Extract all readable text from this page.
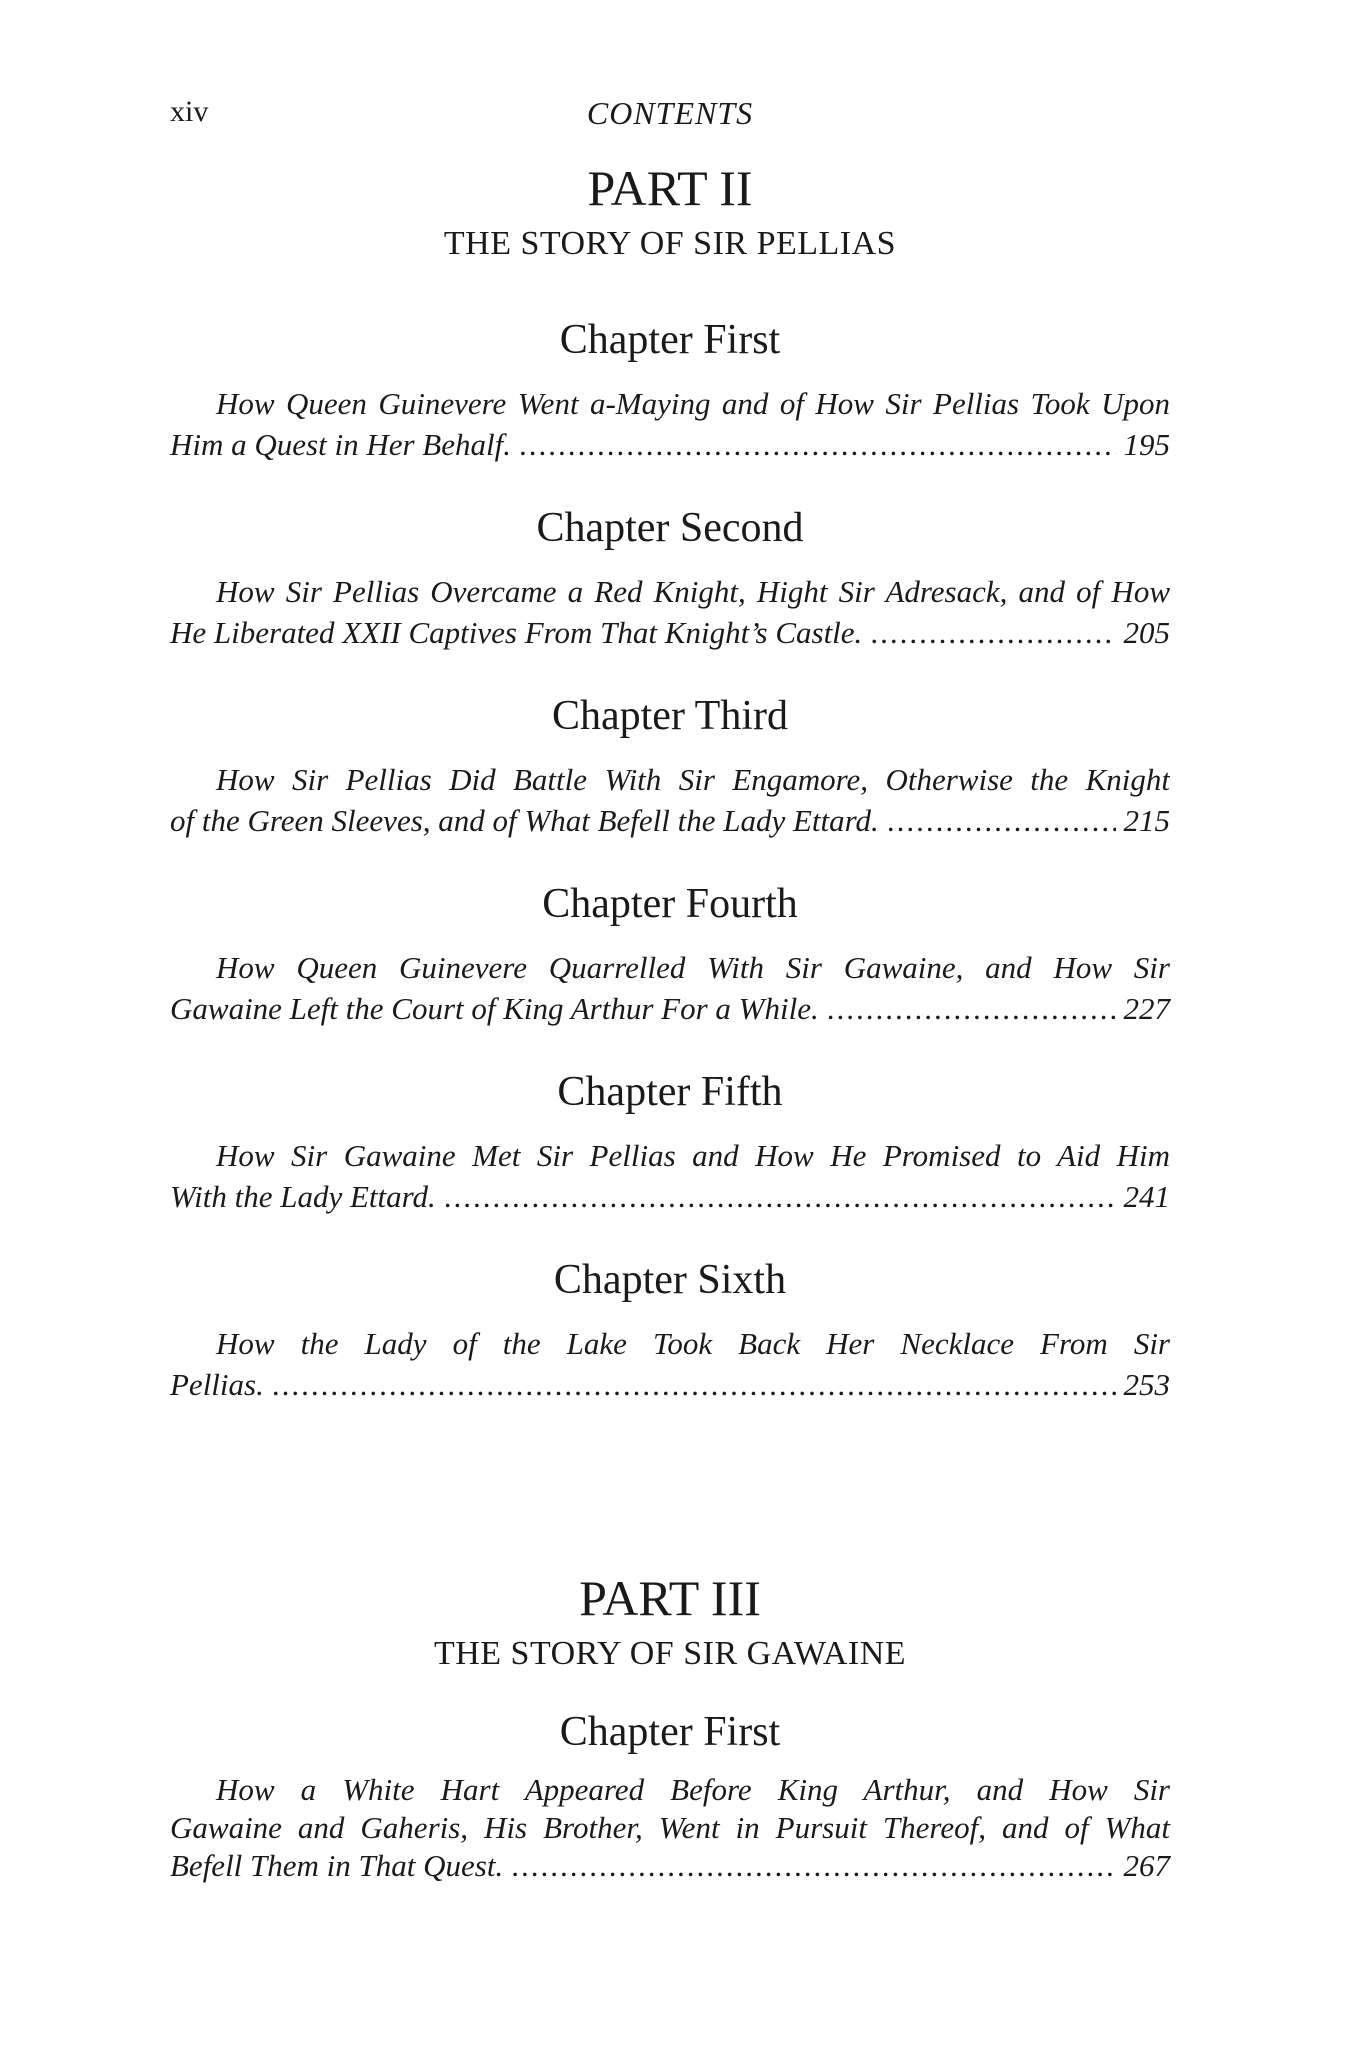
xiv	CONTENTS
PART II
THE STORY OF SIR PELLIAS
Chapter First
How Queen Guinevere Went a-Maying and of How Sir Pellias Took Upon
Him a Quest in Her Behalf. .....	195
Chapter Second
How Sir Pellias Overcame a Red Knight, Hight Sir Adresack, and of How
He Liberated XXII Captives From That Knight’s Castle. .....	205
Chapter Third
How Sir Pellias Did Battle With Sir Engamore, Otherwise the Knight
of the Green Sleeves, and of What Befell the Lady Ettard. .....	215
Chapter Fourth
How Queen Guinevere Quarrelled With Sir Gawaine, and How Sir
Gawaine Left the Court of King Arthur For a While. .....	227
Chapter Fifth
How Sir Gawaine Met Sir Pellias and How He Promised to Aid Him
With the Lady Ettard. .....	241
Chapter Sixth
How the Lady of the Lake Took Back Her Necklace From Sir
Pellias. .....	253
PART III
THE STORY OF SIR GAWAINE
Chapter First
How a White Hart Appeared Before King Arthur, and How Sir
Gawaine and Gaheris, His Brother, Went in Pursuit Thereof, and of What
Befell Them in That Quest. .....	267
